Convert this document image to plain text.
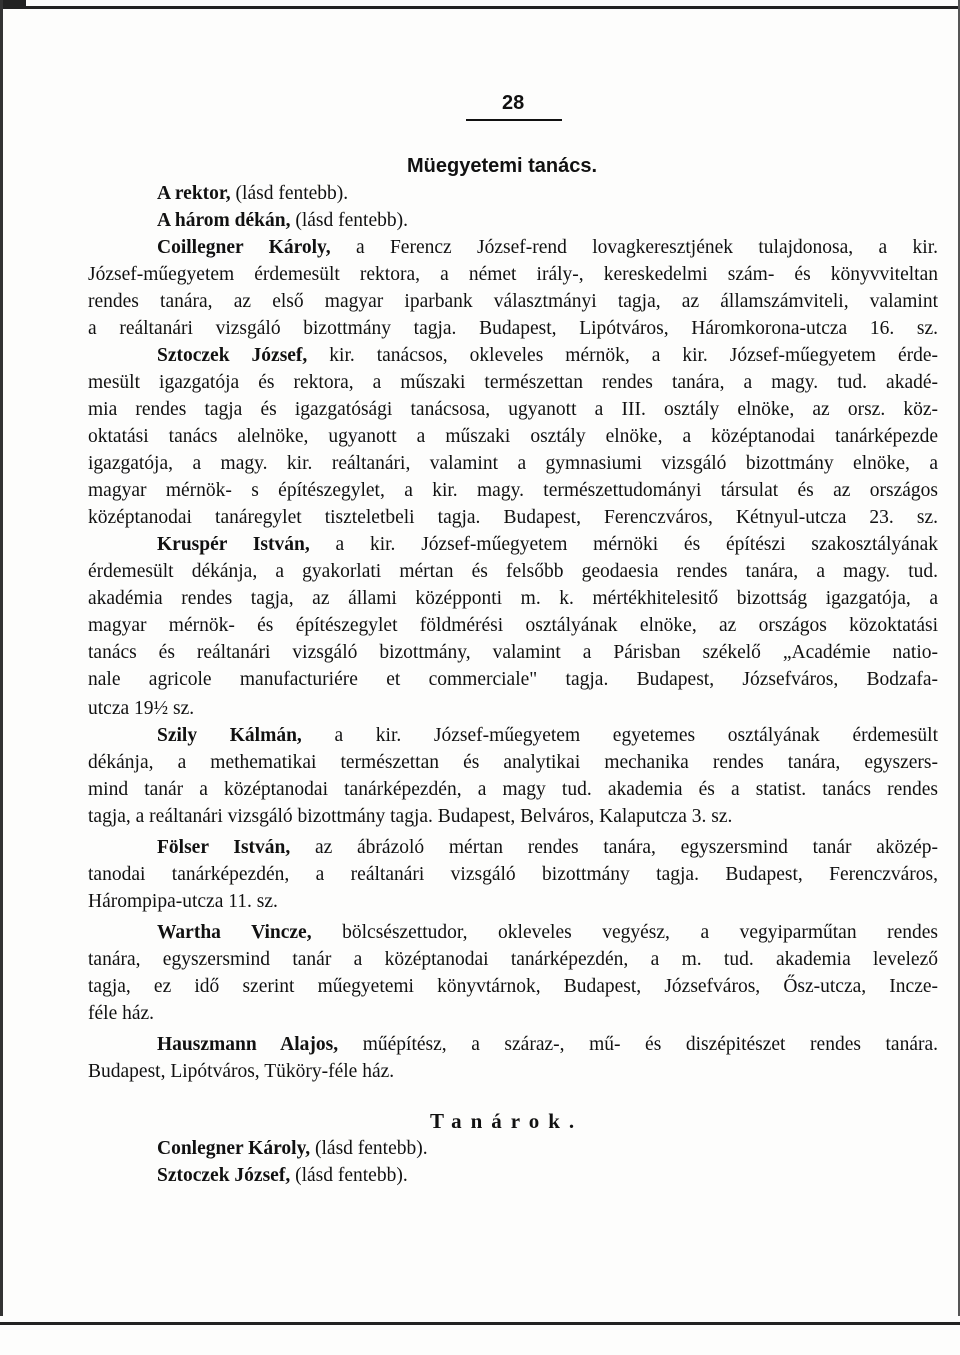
28
Müegyetemi tanács.
A rektor, (lásd fentebb).
A három dékán, (lásd fentebb).
Coillegner Károly, a Ferencz József-rend lovagkeresztjének tulajdonosa, a kir.
József-műegyetem érdemesült rektora, a német irály-, kereskedelmi szám- és könyvviteltan
rendes tanára, az első magyar iparbank választmányi tagja, az államszámviteli, valamint
a reáltanári vizsgáló bizottmány tagja. Budapest, Lipótváros, Háromkorona-utcza 16. sz.
Sztoczek József, kir. tanácsos, okleveles mérnök, a kir. József-műegyetem érde-
mesült igazgatója és rektora, a műszaki természettan rendes tanára, a magy. tud. akadé-
mia rendes tagja és igazgatósági tanácsosa, ugyanott a III. osztály elnöke, az orsz. köz-
oktatási tanács alelnöke, ugyanott a műszaki osztály elnöke, a középtanodai tanárképezde
igazgatója, a magy. kir. reáltanári, valamint a gymnasiumi vizsgáló bizottmány elnöke, a
magyar mérnök- s építészegylet, a kir. magy. természettudományi társulat és az országos
középtanodai tanáregylet tiszteletbeli tagja. Budapest, Ferenczváros, Kétnyul-utcza 23. sz.
Kruspér István, a kir. József-műegyetem mérnöki és építészi szakosztályának
érdemesült dékánja, a gyakorlati mértan és felsőbb geodaesia rendes tanára, a magy. tud.
akadémia rendes tagja, az állami középponti m. k. mértékhitelesitő bizottság igazgatója, a
magyar mérnök- és építészegylet földmérési osztályának elnöke, az országos közoktatási
tanács és reáltanári vizsgáló bizottmány, valamint a Párisban székelő „Académie natio-
nale agricole manufacturiére et commerciale" tagja. Budapest, Józsefváros, Bodzafa-
utcza 19½ sz.
Szily Kálmán, a kir. József-műegyetem egyetemes osztályának érdemesült
dékánja, a methematikai természettan és analytikai mechanika rendes tanára, egyszers-
mind tanár a középtanodai tanárképezdén, a magy tud. akademia és a statist. tanács rendes
tagja, a reáltanári vizsgáló bizottmány tagja. Budapest, Belváros, Kalaputcza 3. sz.
Fölser István, az ábrázoló mértan rendes tanára, egyszersmind tanár aközép-
tanodai tanárképezdén, a reáltanári vizsgáló bizottmány tagja. Budapest, Ferenczváros,
Hárompipa-utcza 11. sz.
Wartha Vincze, bölcsészettudor, okleveles vegyész, a vegyiparműtan rendes
tanára, egyszersmind tanár a középtanodai tanárképezdén, a m. tud. akademia levelező
tagja, ez idő szerint műegyetemi könyvtárnok, Budapest, Józsefváros, Ősz-utcza, Incze-
féle ház.
Hauszmann Alajos, műépítész, a száraz-, mű- és diszépitészet rendes tanára.
Budapest, Lipótváros, Tüköry-féle ház.
Tanárok.
Conlegner Károly, (lásd fentebb).
Sztoczek József, (lásd fentebb).
